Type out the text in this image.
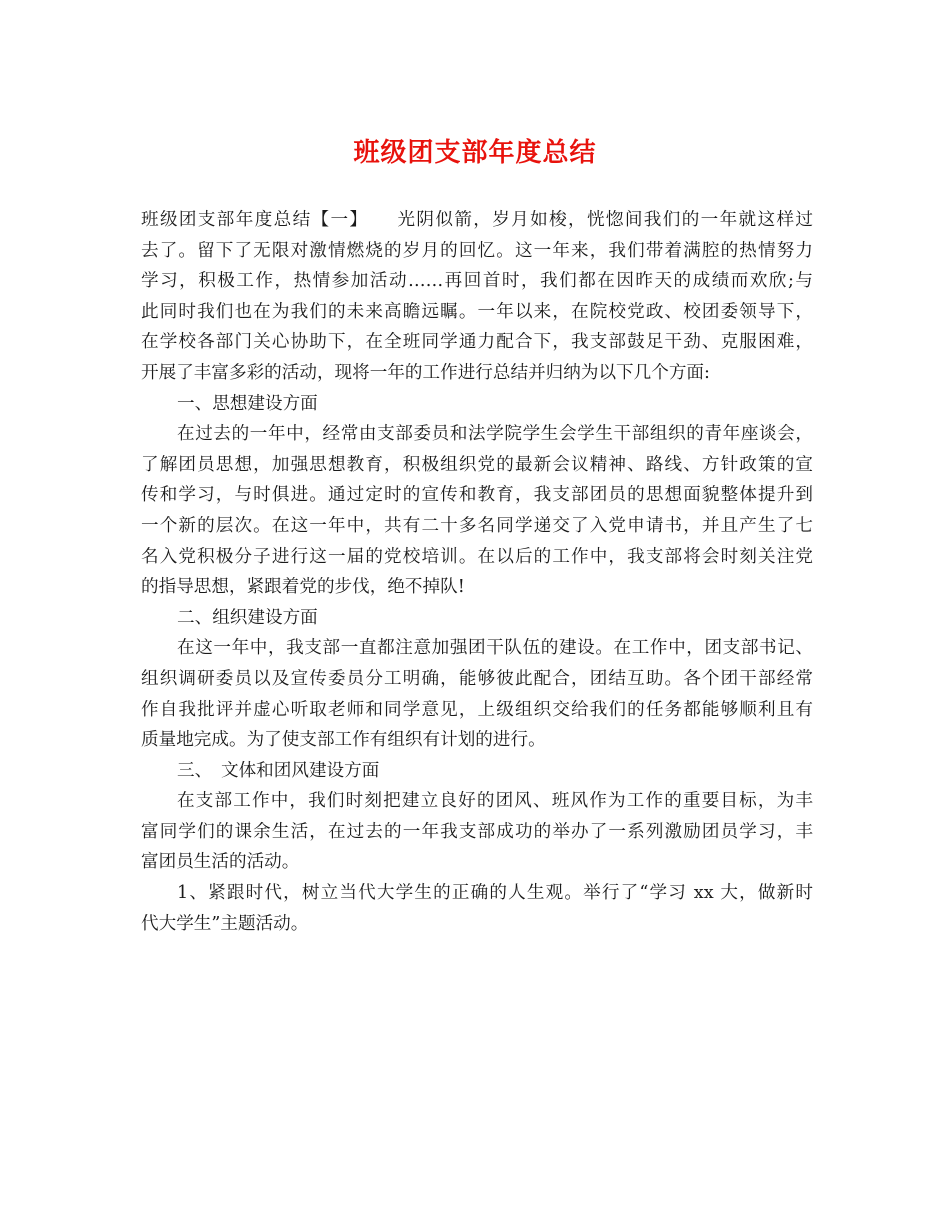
班级团支部年度总结

班级团支部年度总结【一】　　光阴似箭，岁月如梭，恍惚间我们的一年就这样过
去了。留下了无限对激情燃烧的岁月的回忆。这一年来，我们带着满腔的热情努力
学习，积极工作，热情参加活动……再回首时，我们都在因昨天的成绩而欢欣;与
此同时我们也在为我们的未来高瞻远瞩。一年以来，在院校党政、校团委领导下，
在学校各部门关心协助下，在全班同学通力配合下，我支部鼓足干劲、克服困难，
开展了丰富多彩的活动，现将一年的工作进行总结并归纳为以下几个方面:

一、思想建设方面

在过去的一年中，经常由支部委员和法学院学生会学生干部组织的青年座谈会，
了解团员思想，加强思想教育，积极组织党的最新会议精神、路线、方针政策的宣
传和学习，与时俱进。通过定时的宣传和教育，我支部团员的思想面貌整体提升到
一个新的层次。在这一年中，共有二十多名同学递交了入党申请书，并且产生了七
名入党积极分子进行这一届的党校培训。在以后的工作中，我支部将会时刻关注党
的指导思想，紧跟着党的步伐，绝不掉队!

二、组织建设方面

在这一年中，我支部一直都注意加强团干队伍的建设。在工作中，团支部书记、
组织调研委员以及宣传委员分工明确，能够彼此配合，团结互助。各个团干部经常
作自我批评并虚心听取老师和同学意见，上级组织交给我们的任务都能够顺利且有
质量地完成。为了使支部工作有组织有计划的进行。

三、　文体和团风建设方面

在支部工作中，我们时刻把建立良好的团风、班风作为工作的重要目标，为丰
富同学们的课余生活，在过去的一年我支部成功的举办了一系列激励团员学习，丰
富团员生活的活动。

1、紧跟时代，树立当代大学生的正确的人生观。举行了“学习 xx 大，做新时
代大学生”主题活动。
